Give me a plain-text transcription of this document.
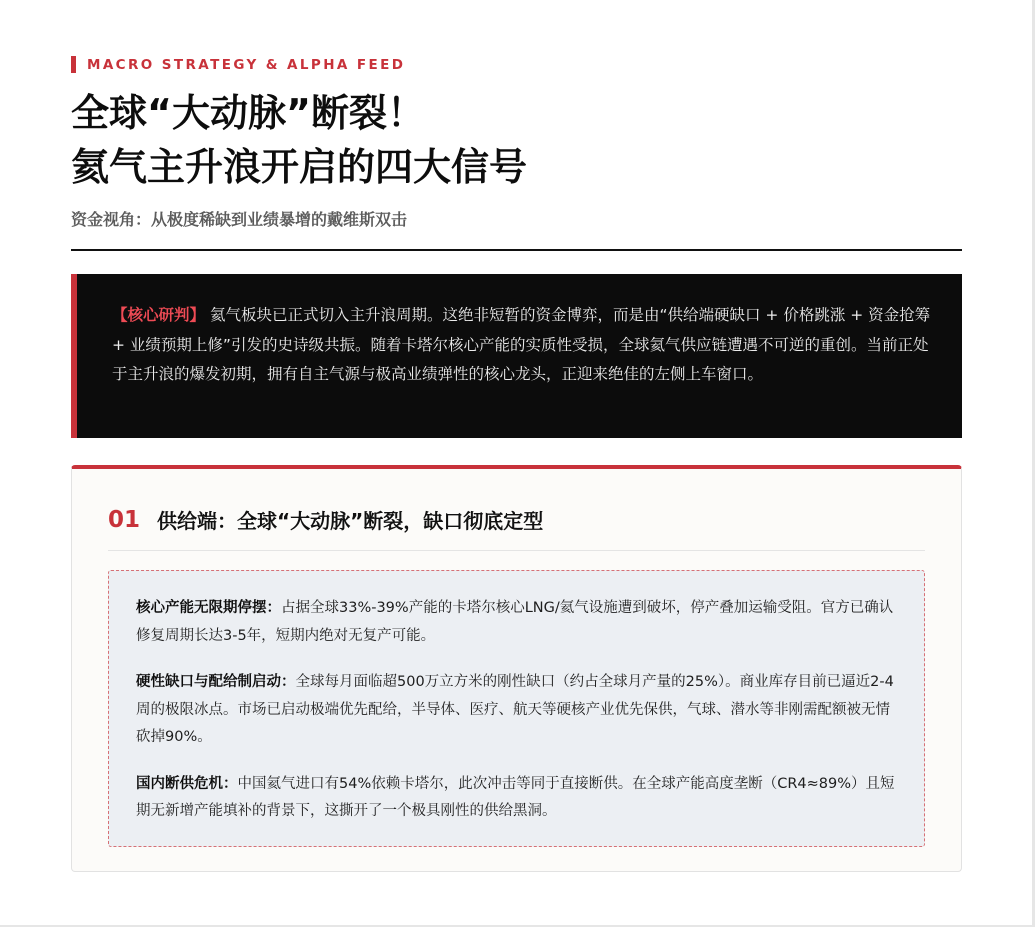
MACRO STRATEGY & ALPHA FEED
全球“大动脉”断裂！
氦气主升浪开启的四大信号
资金视角：从极度稀缺到业绩暴增的戴维斯双击

【核心研判】 氦气板块已正式切入主升浪周期。这绝非短暂的资金博弈，而是由“供给端硬缺口 + 价格跳涨 + 资金抢筹 + 业绩预期上修”引发的史诗级共振。随着卡塔尔核心产能的实质性受损，全球氦气供应链遭遇不可逆的重创。当前正处于主升浪的爆发初期，拥有自主气源与极高业绩弹性的核心龙头，正迎来绝佳的左侧上车窗口。

01 供给端：全球“大动脉”断裂，缺口彻底定型

核心产能无限期停摆：占据全球33%-39%产能的卡塔尔核心LNG/氦气设施遭到破坏，停产叠加运输受阻。官方已确认修复周期长达3-5年，短期内绝对无复产可能。

硬性缺口与配给制启动：全球每月面临超500万立方米的刚性缺口（约占全球月产量的25%）。商业库存目前已逼近2-4周的极限冰点。市场已启动极端优先配给，半导体、医疗、航天等硬核产业优先保供，气球、潜水等非刚需配额被无情砍掉90%。

国内断供危机：中国氦气进口有54%依赖卡塔尔，此次冲击等同于直接断供。在全球产能高度垄断（CR4≈89%）且短期无新增产能填补的背景下，这撕开了一个极具刚性的供给黑洞。
